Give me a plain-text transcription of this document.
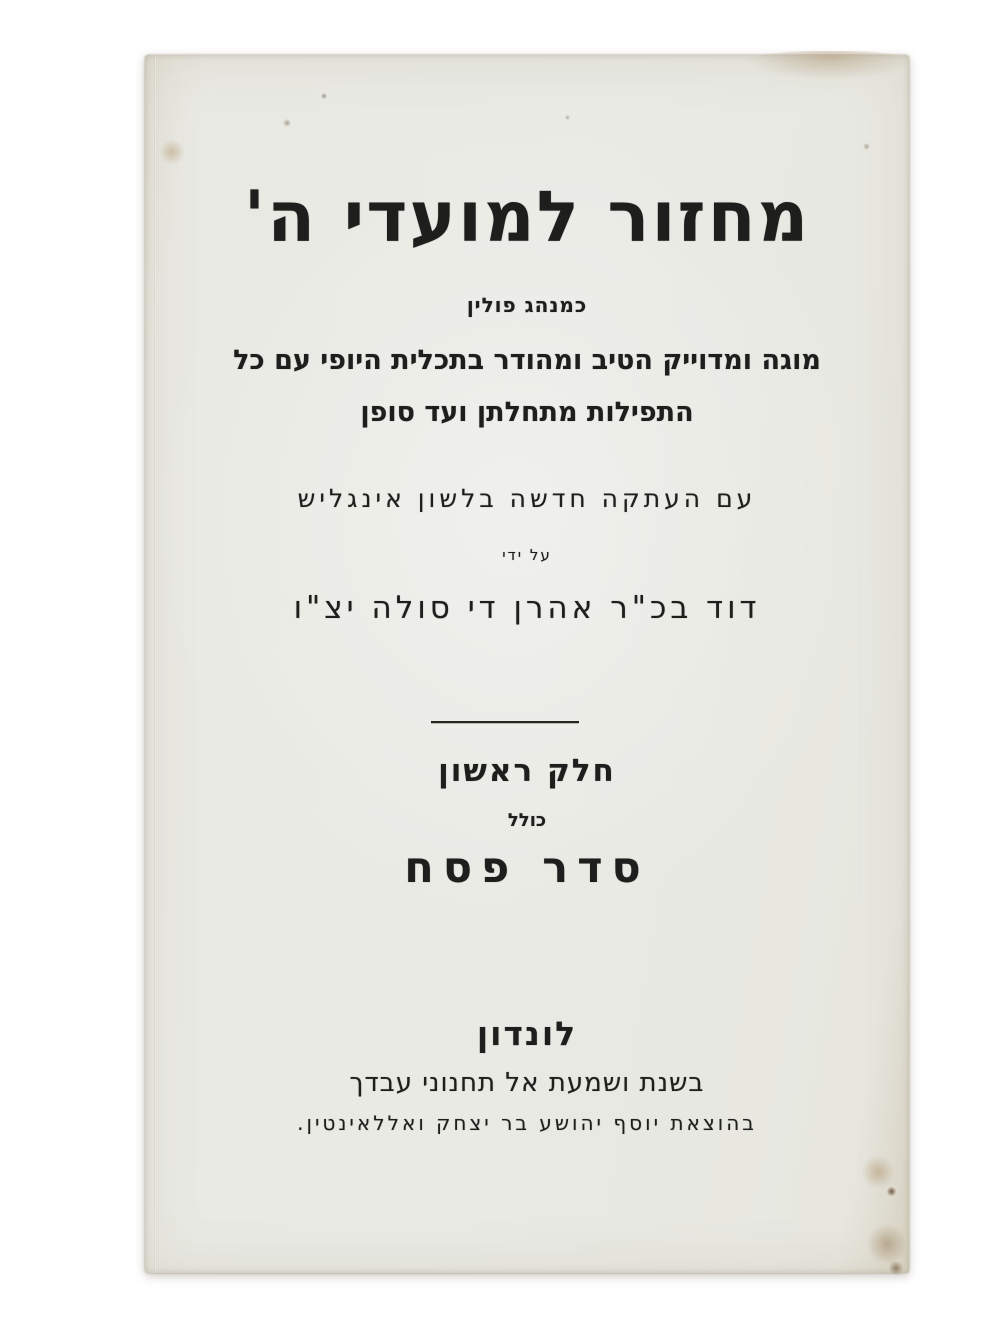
מחזור למועדי ה'
כמנהג פולין
מוגה ומדוייק הטיב ומהודר בתכלית היופי עם כל
התפילות מתחלתן ועד סופן
עם העתקה חדשה בלשון אינגליש
על ידי
דוד בכ"ר אהרן די סולה יצ"ו
חלק ראשון
כולל
סדר פסח
לונדון
בשנת ושמעת אל תחנוני עבדך
בהוצאת יוסף יהושע בר יצחק ואללאינטין.
